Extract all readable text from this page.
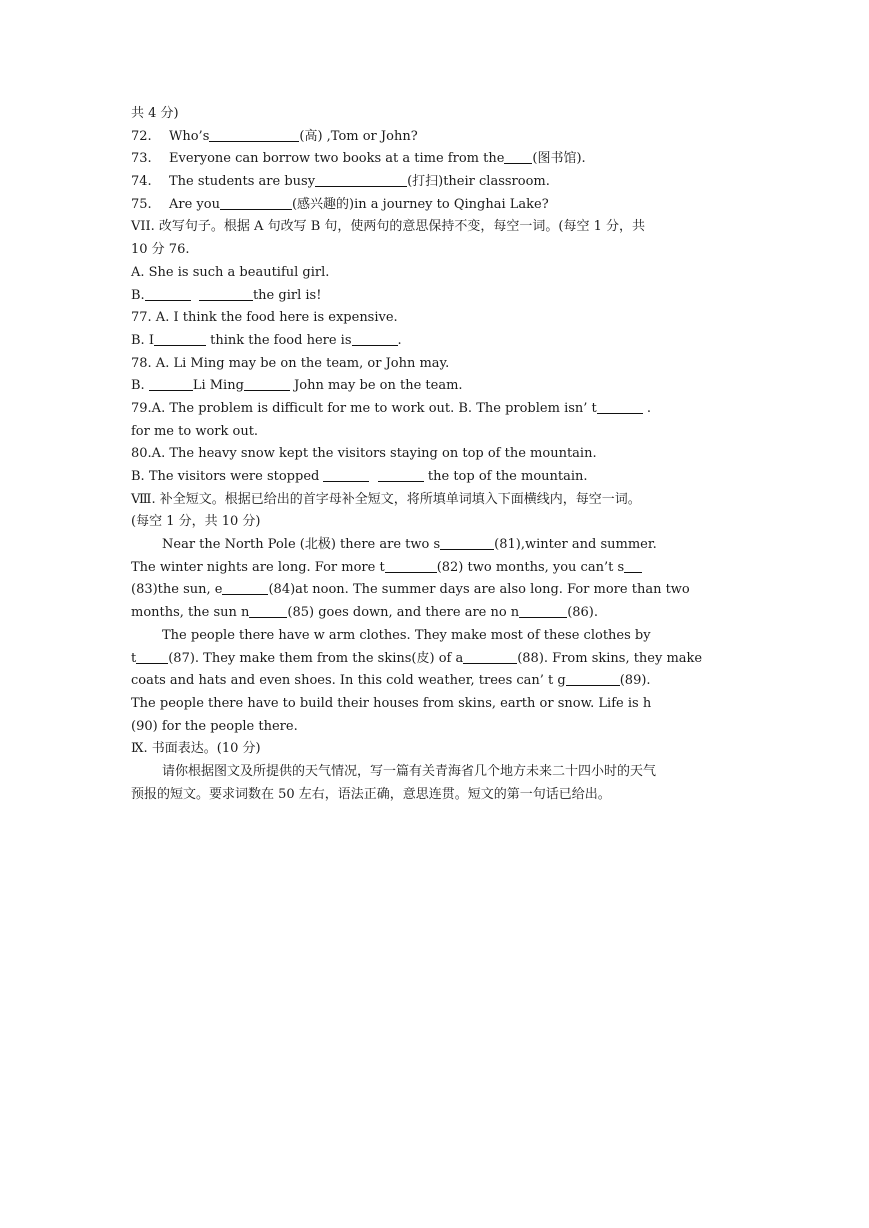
共 4 分)
72. Who’s	(高) ,Tom or John?
73. Everyone can borrow two books at a time from the (图书馆).
74. The students are busy	(打扫)their classroom.
75. Are you	(感兴趣的)in a journey to Qinghai Lake?
VII. 改写句子。根据 A 句改写 B 句，使两句的意思保持不变，每空一词。(每空 1 分，共
10 分 76.
A. She is such a beautiful girl.
B.	the girl is!
77. A. I think the food here is expensive.
B. I	think the food here is	.
78. A. Li Ming may be on the team, or John may.
B.	Li Ming	John may be on the team.
79.A. The problem is difficult for me to work out. B. The problem isn’ t	.
for me to work out.
80.A. The heavy snow kept the visitors staying on top of the mountain.
B. The visitors were stopped	the top of the mountain.
Ⅷ. 补全短文。根据已给出的首字母补全短文，将所填单词填入下面横线内，每空一词。
(每空 1 分，共 10 分)
Near the North Pole (北极) there are two s	(81),winter and summer.
The winter nights are long. For more t	(82) two months, you can’t s
(83)the sun, e	(84)at noon. The summer days are also long. For more than two
months, the sun n	(85) goes down, and there are no n	(86).
The people there have w arm clothes. They make most of these clothes by
t (87). They make them from the skins(皮) of a	(88). From skins, they make
coats and hats and even shoes. In this cold weather, trees can’ t g	(89).
The people there have to build their houses from skins, earth or snow. Life is h
(90) for the people there.
Ⅸ. 书面表达。(10 分)
请你根据图文及所提供的天气情况，写一篇有关青海省几个地方未来二十四小时的天气
预报的短文。要求词数在 50 左右，语法正确，意思连贯。短文的第一句话已给出。
